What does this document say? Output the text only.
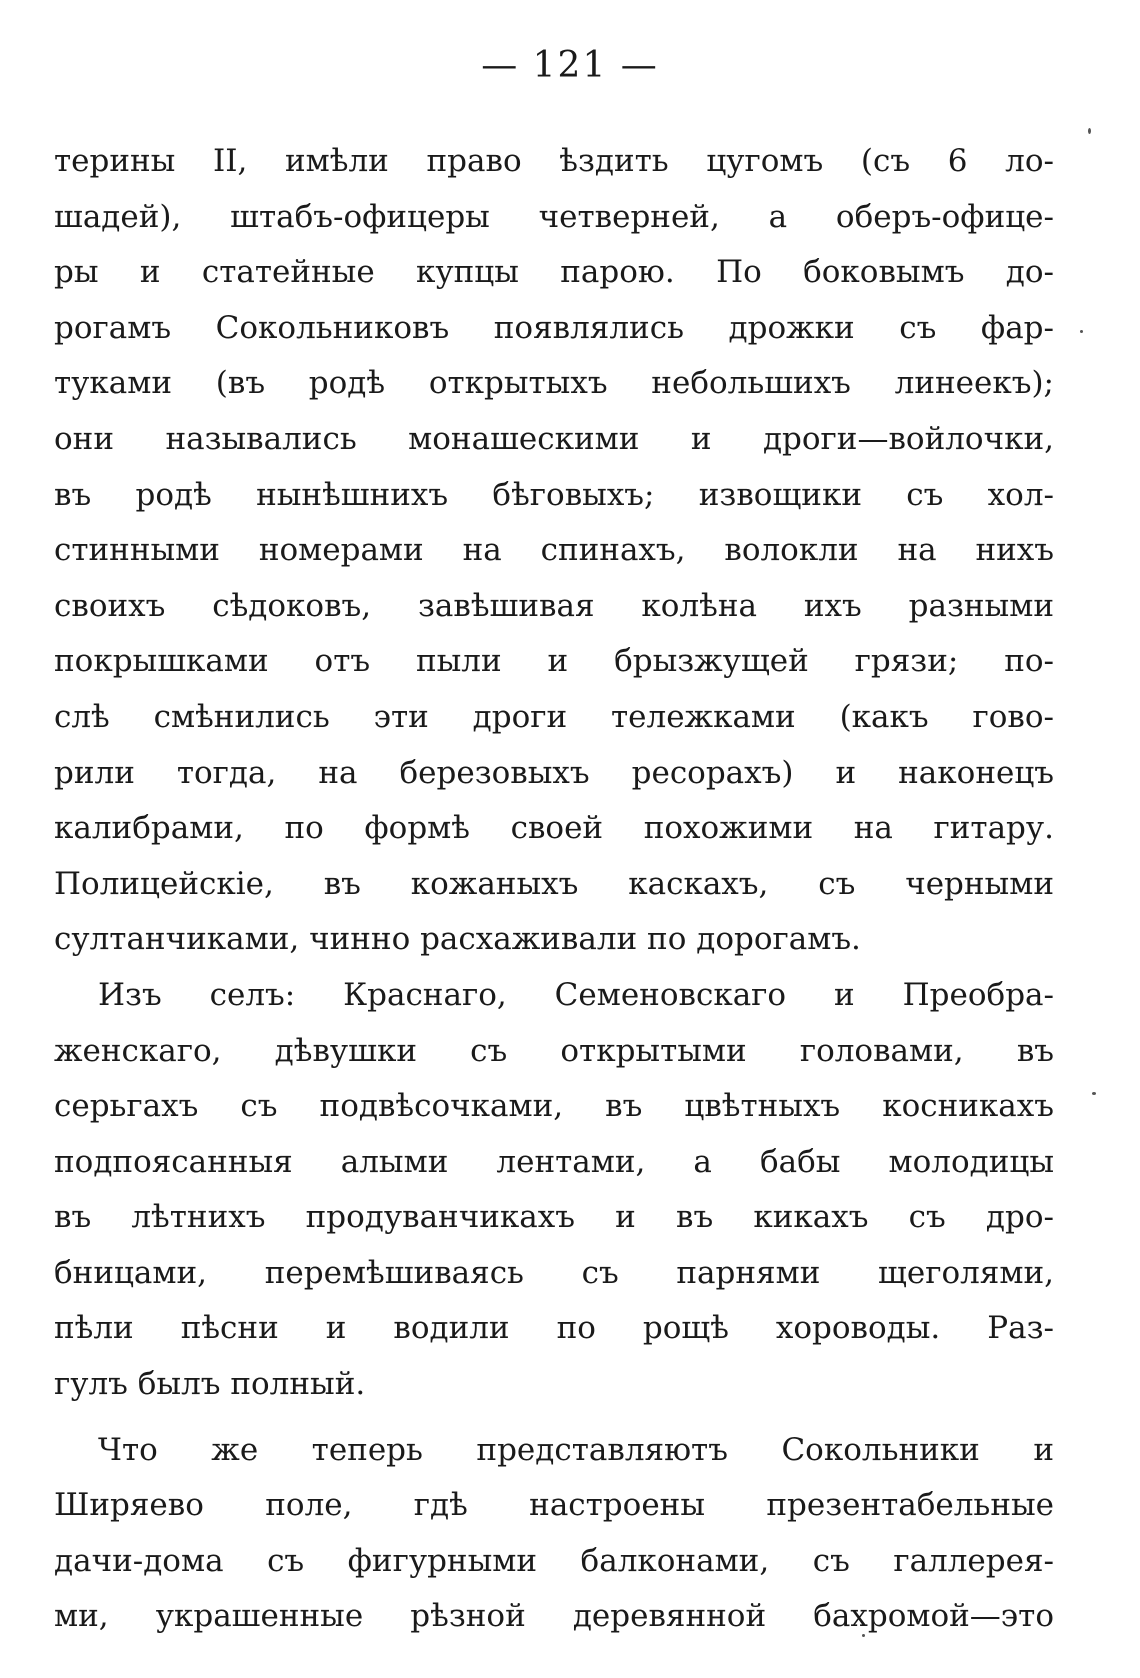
— 121 —
терины II, имѣли право ѣздить цугомъ (съ 6 ло-
шадей), штабъ-офицеры четверней, а оберъ-офице-
ры и статейные купцы парою. По боковымъ до-
рогамъ Сокольниковъ появлялись дрожки съ фар-
туками (въ родѣ открытыхъ небольшихъ линеекъ);
они назывались монашескими и дроги—войлочки,
въ родѣ нынѣшнихъ бѣговыхъ; извощики съ хол-
стинными номерами на спинахъ, волокли на нихъ
своихъ сѣдоковъ, завѣшивая колѣна ихъ разными
покрышками отъ пыли и брызжущей грязи; по-
слѣ смѣнились эти дроги тележками (какъ гово-
рили тогда, на березовыхъ ресорахъ) и наконецъ
калибрами, по формѣ своей похожими на гитару.
Полицейскіе, въ кожаныхъ каскахъ, съ черными
султанчиками, чинно расхаживали по дорогамъ.
Изъ селъ: Краснаго, Семеновскаго и Преобра-
женскаго, дѣвушки съ открытыми головами, въ
серьгахъ съ подвѣсочками, въ цвѣтныхъ косникахъ
подпоясанныя алыми лентами, а бабы молодицы
въ лѣтнихъ продуванчикахъ и въ кикахъ съ дро-
бницами, перемѣшиваясь съ парнями щеголями,
пѣли пѣсни и водили по рощѣ хороводы. Раз-
гулъ былъ полный.
Что же теперь представляютъ Сокольники и
Ширяево поле, гдѣ настроены презентабельные
дачи-дома съ фигурными балконами, съ галлерея-
ми, украшенные рѣзной деревянной бахромой—это
